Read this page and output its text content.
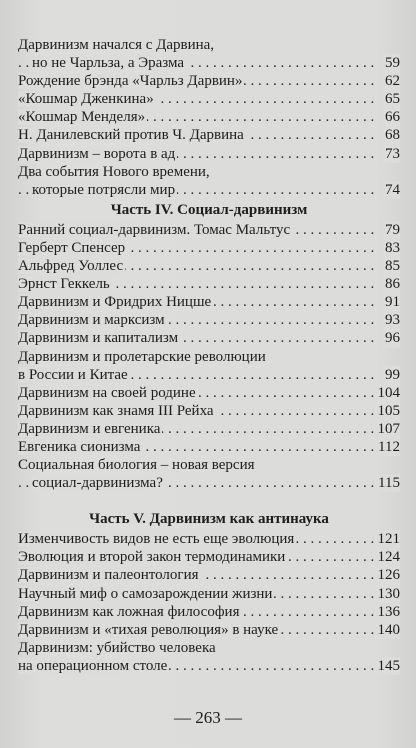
Дарвинизм начался с Дарвина,
. . .
но не Чарльза, а Эразма	59
. . .
Рождение брэнда «Чарльз Дарвин»	62
. . .
«Кошмар Дженкина»	65
. . .
«Кошмар Менделя»	66
. . .
Н. Данилевский против Ч. Дарвина	68
. . .
Дарвинизм – ворота в ад	73
Два события Нового времени,
. . .
которые потрясли мир	74
Часть IV. Социал-дарвинизм
. . .
Ранний социал-дарвинизм. Томас Мальтус	79
. . .
Герберт Спенсер	83
. . .
Альфред Уоллес	85
. . .
Эрнст Геккель	86
. . .
Дарвинизм и Фридрих Ницше	91
. . .
Дарвинизм и марксизм	93
. . .
Дарвинизм и капитализм	96
Дарвинизм и пролетарские революции
. . .
в России и Китае	99
. . .
Дарвинизм на своей родине	104
. . .
Дарвинизм как знамя III Рейха	105
. . .
Дарвинизм и евгеника	107
. . .
Евгеника сионизма	112
Социальная биология – новая версия
. . .
социал-дарвинизма?	115
Часть V. Дарвинизм как антинаука
. . .
Изменчивость видов не есть еще эволюция	121
. . .
Эволюция и второй закон термодинамики	124
. . .
Дарвинизм и палеонтология	126
. . .
Научный миф о самозарождении жизни	130
. . .
Дарвинизм как ложная философия	136
. . .
Дарвинизм и «тихая революция» в науке	140
Дарвинизм: убийство человека
. . .
на операционном столе	145
— 263 —
